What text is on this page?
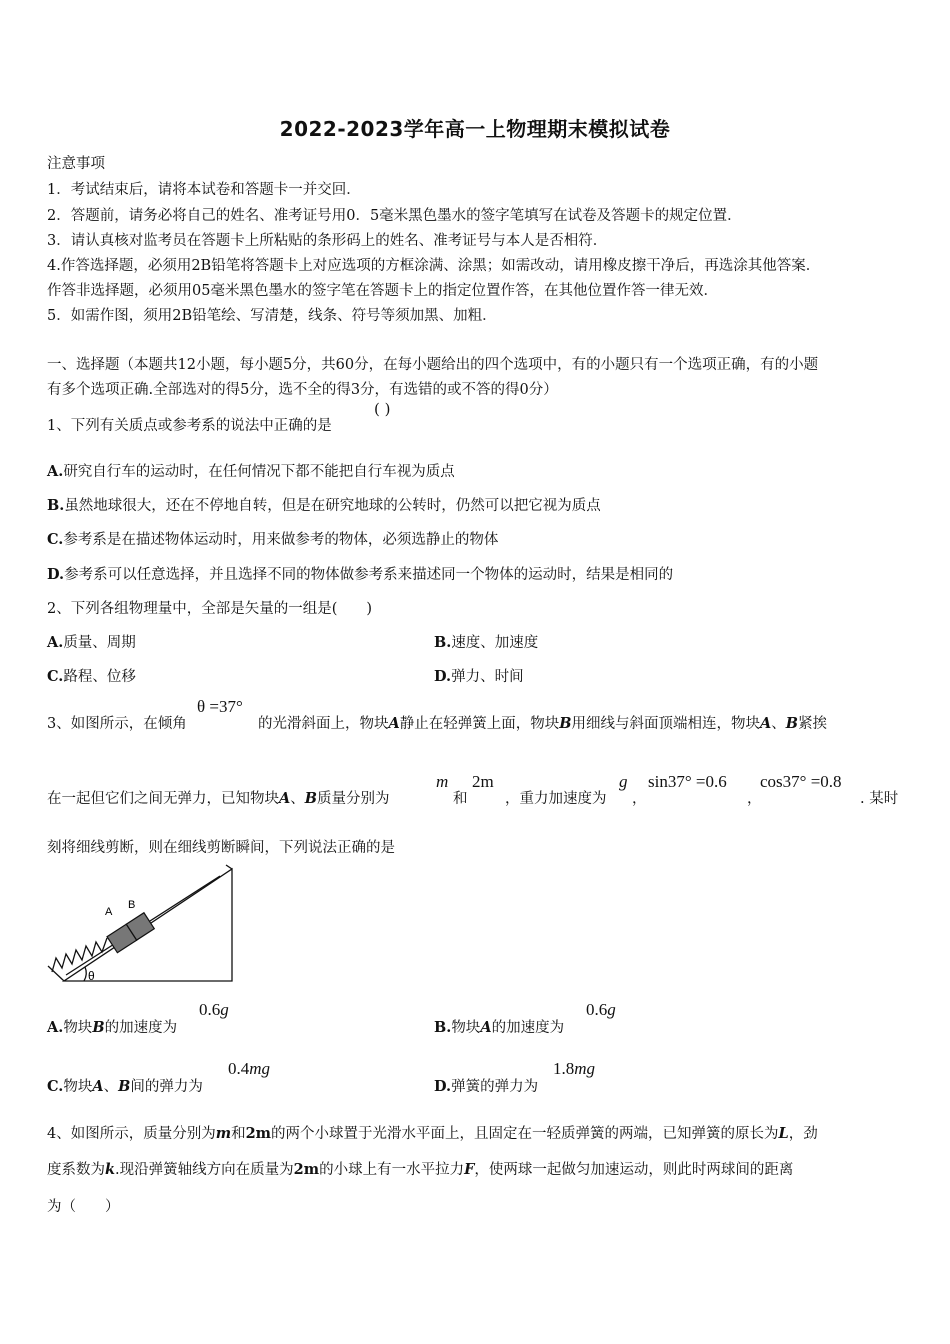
2022-2023学年高一上物理期末模拟试卷
注意事项
1．考试结束后，请将本试卷和答题卡一并交回．
2．答题前，请务必将自己的姓名、准考证号用0．5毫米黑色墨水的签字笔填写在试卷及答题卡的规定位置．
3．请认真核对监考员在答题卡上所粘贴的条形码上的姓名、准考证号与本人是否相符．
4.作答选择题，必须用2B铅笔将答题卡上对应选项的方框涂满、涂黑；如需改动，请用橡皮擦干净后，再选涂其他答案．
作答非选择题，必须用05毫米黑色墨水的签字笔在答题卡上的指定位置作答，在其他位置作答一律无效．
5．如需作图，须用2B铅笔绘、写清楚，线条、符号等须加黑、加粗．
一、选择题（本题共12小题，每小题5分，共60分，在每小题给出的四个选项中，有的小题只有一个选项正确，有的小题
有多个选项正确.全部选对的得5分，选不全的得3分，有选错的或不答的得0分）
1、下列有关质点或参考系的说法中正确的是
( )
A.研究自行车的运动时，在任何情况下都不能把自行车视为质点
B.虽然地球很大，还在不停地自转，但是在研究地球的公转时，仍然可以把它视为质点
C.参考系是在描述物体运动时，用来做参考的物体，必须选静止的物体
D.参考系可以任意选择，并且选择不同的物体做参考系来描述同一个物体的运动时，结果是相同的
2、下列各组物理量中，全部是矢量的一组是(　　)
A.质量、周期	B.速度、加速度
C.路程、位移	D.弹力、时间
3、如图所示，在倾角
θ =37°
的光滑斜面上，物块A静止在轻弹簧上面，物块B用细线与斜面顶端相连，物块A、B紧挨
在一起但它们之间无弹力，已知物块A、B质量分别为
m
和
2m
，重力加速度为
g
，
sin37° =0.6
，
cos37° =0.8
. 某时
刻将细线剪断，则在细线剪断瞬间，下列说法正确的是
A
B
θ
A.物块B的加速度为
0.6g
B.物块A的加速度为
0.6g
C.物块A、B间的弹力为
0.4mg
D.弹簧的弹力为
1.8mg
4、如图所示，质量分别为m和2m的两个小球置于光滑水平面上，且固定在一轻质弹簧的两端，已知弹簧的原长为L，劲
度系数为k.现沿弹簧轴线方向在质量为2m的小球上有一水平拉力F，使两球一起做匀加速运动，则此时两球间的距离
为（　　）
